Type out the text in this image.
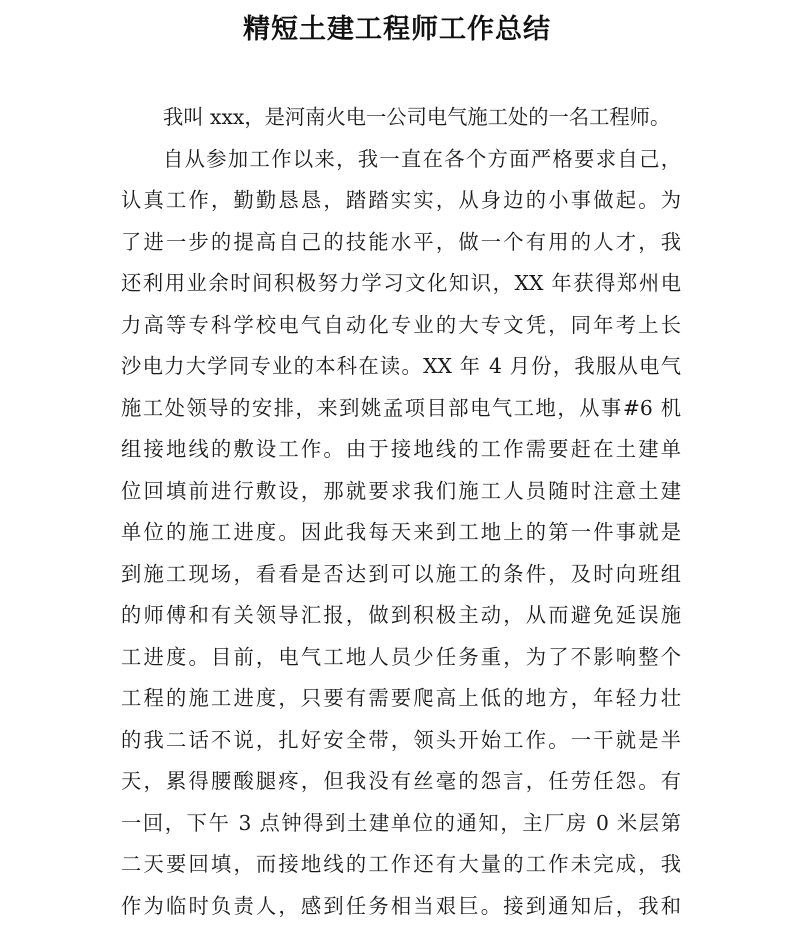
精短土建工程师工作总结
我叫 xxx，是河南火电一公司电气施工处的一名工程师。
自从参加工作以来，我一直在各个方面严格要求自己，
认真工作，勤勤恳恳，踏踏实实，从身边的小事做起。为
了进一步的提高自己的技能水平，做一个有用的人才，我
还利用业余时间积极努力学习文化知识，XX 年获得郑州电
力高等专科学校电气自动化专业的大专文凭，同年考上长
沙电力大学同专业的本科在读。XX 年 4 月份，我服从电气
施工处领导的安排，来到姚孟项目部电气工地，从事#6 机
组接地线的敷设工作。由于接地线的工作需要赶在土建单
位回填前进行敷设，那就要求我们施工人员随时注意土建
单位的施工进度。因此我每天来到工地上的第一件事就是
到施工现场，看看是否达到可以施工的条件，及时向班组
的师傅和有关领导汇报，做到积极主动，从而避免延误施
工进度。目前，电气工地人员少任务重，为了不影响整个
工程的施工进度，只要有需要爬高上低的地方，年轻力壮
的我二话不说，扎好安全带，领头开始工作。一干就是半
天，累得腰酸腿疼，但我没有丝毫的怨言，任劳任怨。有
一回，下午 3 点钟得到土建单位的通知，主厂房 0 米层第
二天要回填，而接地线的工作还有大量的工作未完成，我
作为临时负责人，感到任务相当艰巨。接到通知后，我和
